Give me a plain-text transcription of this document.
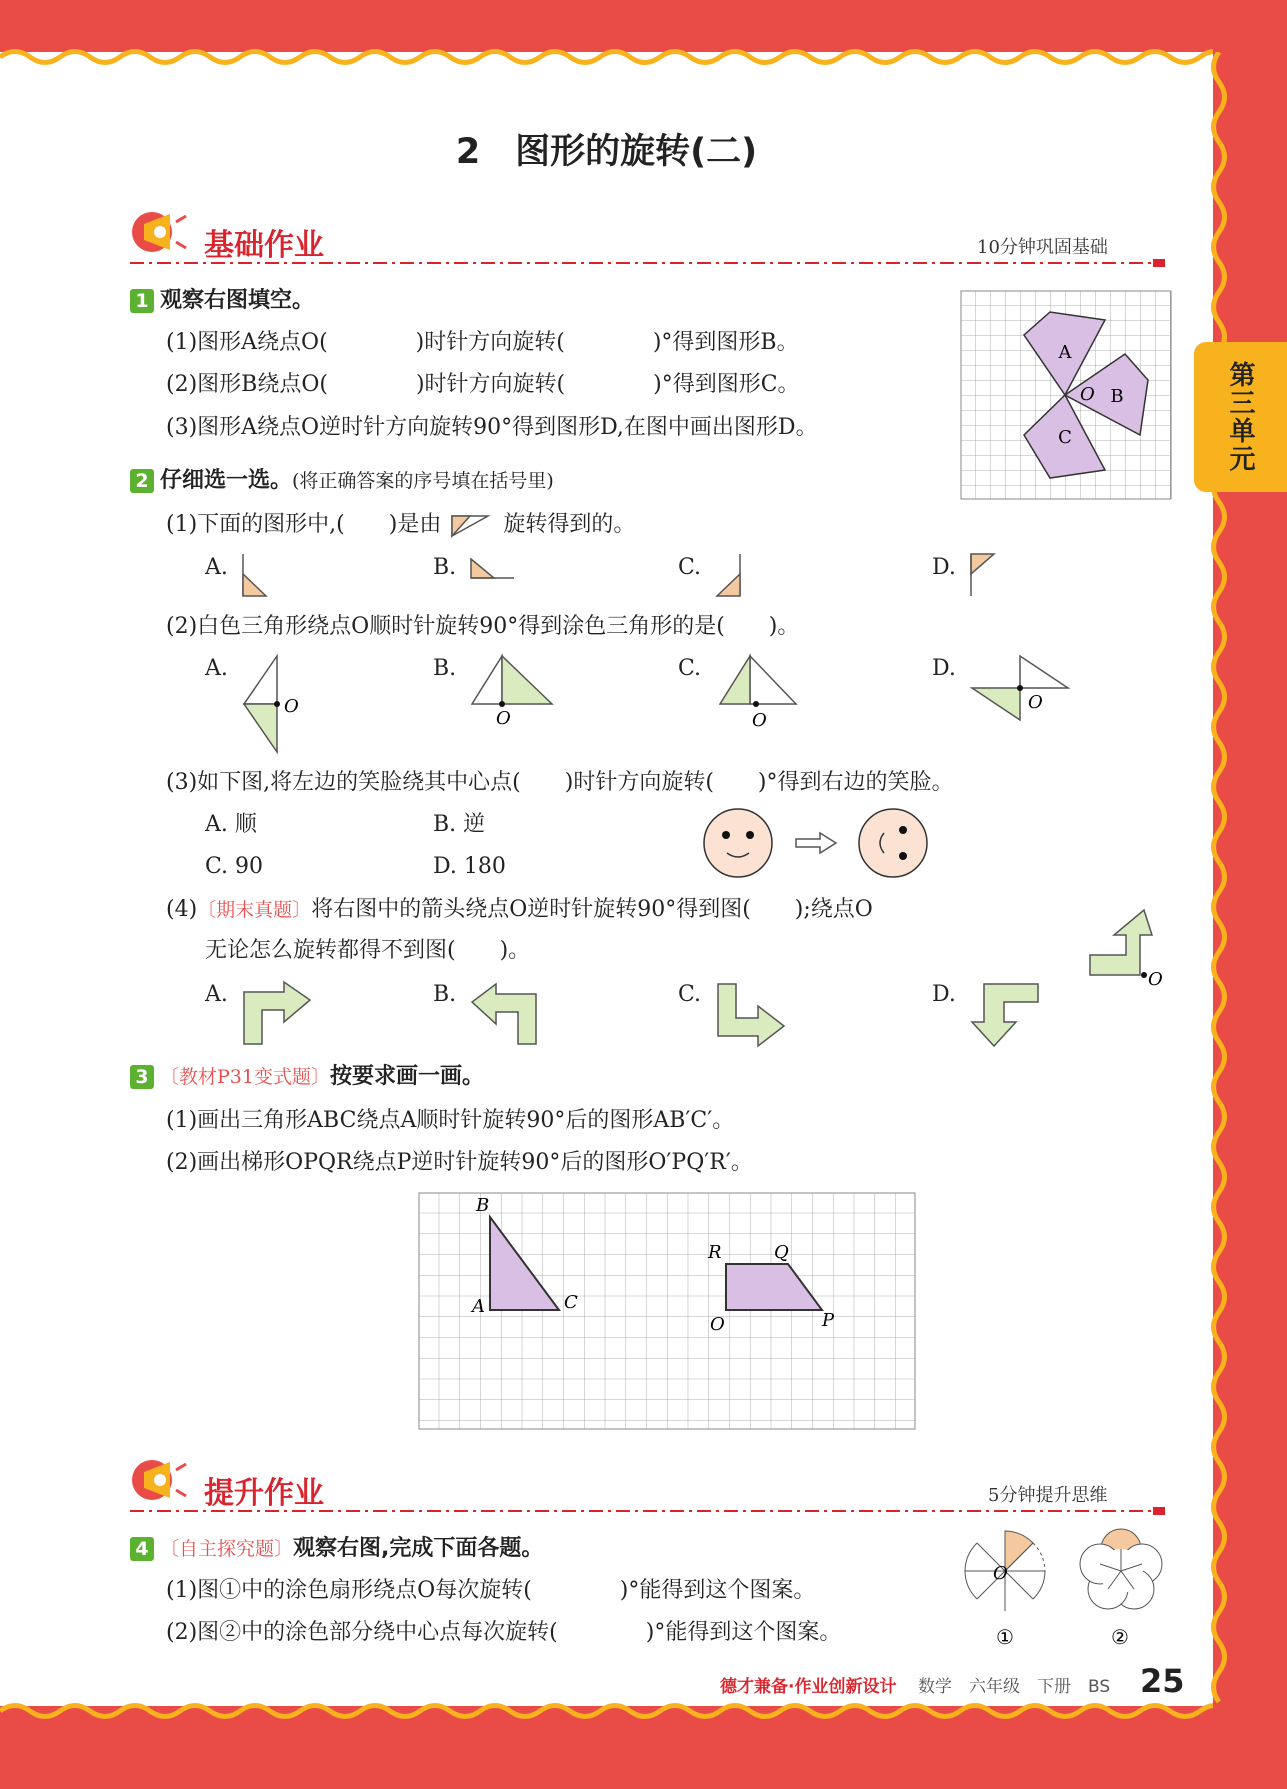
第三单元
2　图形的旋转(二)
基础作业	10分钟巩固基础
1 观察右图填空。
(1)图形A绕点O(　　　　)时针方向旋转(　　　　)°得到图形B。
(2)图形B绕点O(　　　　)时针方向旋转(　　　　)°得到图形C。
(3)图形A绕点O逆时针方向旋转90°得到图形D,在图中画出图形D。
A
B
C
O
2 仔细选一选。(将正确答案的序号填在括号里)
(1)下面的图形中,(　　)是由	旋转得到的。
A.	B.	C.	D.
(2)白色三角形绕点O顺时针旋转90°得到涂色三角形的是(　　)。
A.	B.	C.	D.
O
O	O
O
(3)如下图,将左边的笑脸绕其中心点(　　)时针方向旋转(　　)°得到右边的笑脸。
A. 顺	B. 逆
C. 90	D. 180
(4)〔期末真题〕将右图中的箭头绕点O逆时针旋转90°得到图(　　);绕点O
无论怎么旋转都得不到图(　　)。
O
A.	B.	C.	D.
3 〔教材P31变式题〕按要求画一画。
(1)画出三角形ABC绕点A顺时针旋转90°后的图形AB′C′。
(2)画出梯形OPQR绕点P逆时针旋转90°后的图形O′PQ′R′。
B
A	C
R	Q
O	P
提升作业	5分钟提升思维
4 〔自主探究题〕观察右图,完成下面各题。
(1)图①中的涂色扇形绕点O每次旋转(　　　　)°能得到这个图案。
(2)图②中的涂色部分绕中心点每次旋转(　　　　)°能得到这个图案。
O
①	②
德才兼备·作业创新设计 数学　六年级　下册　BS 25
